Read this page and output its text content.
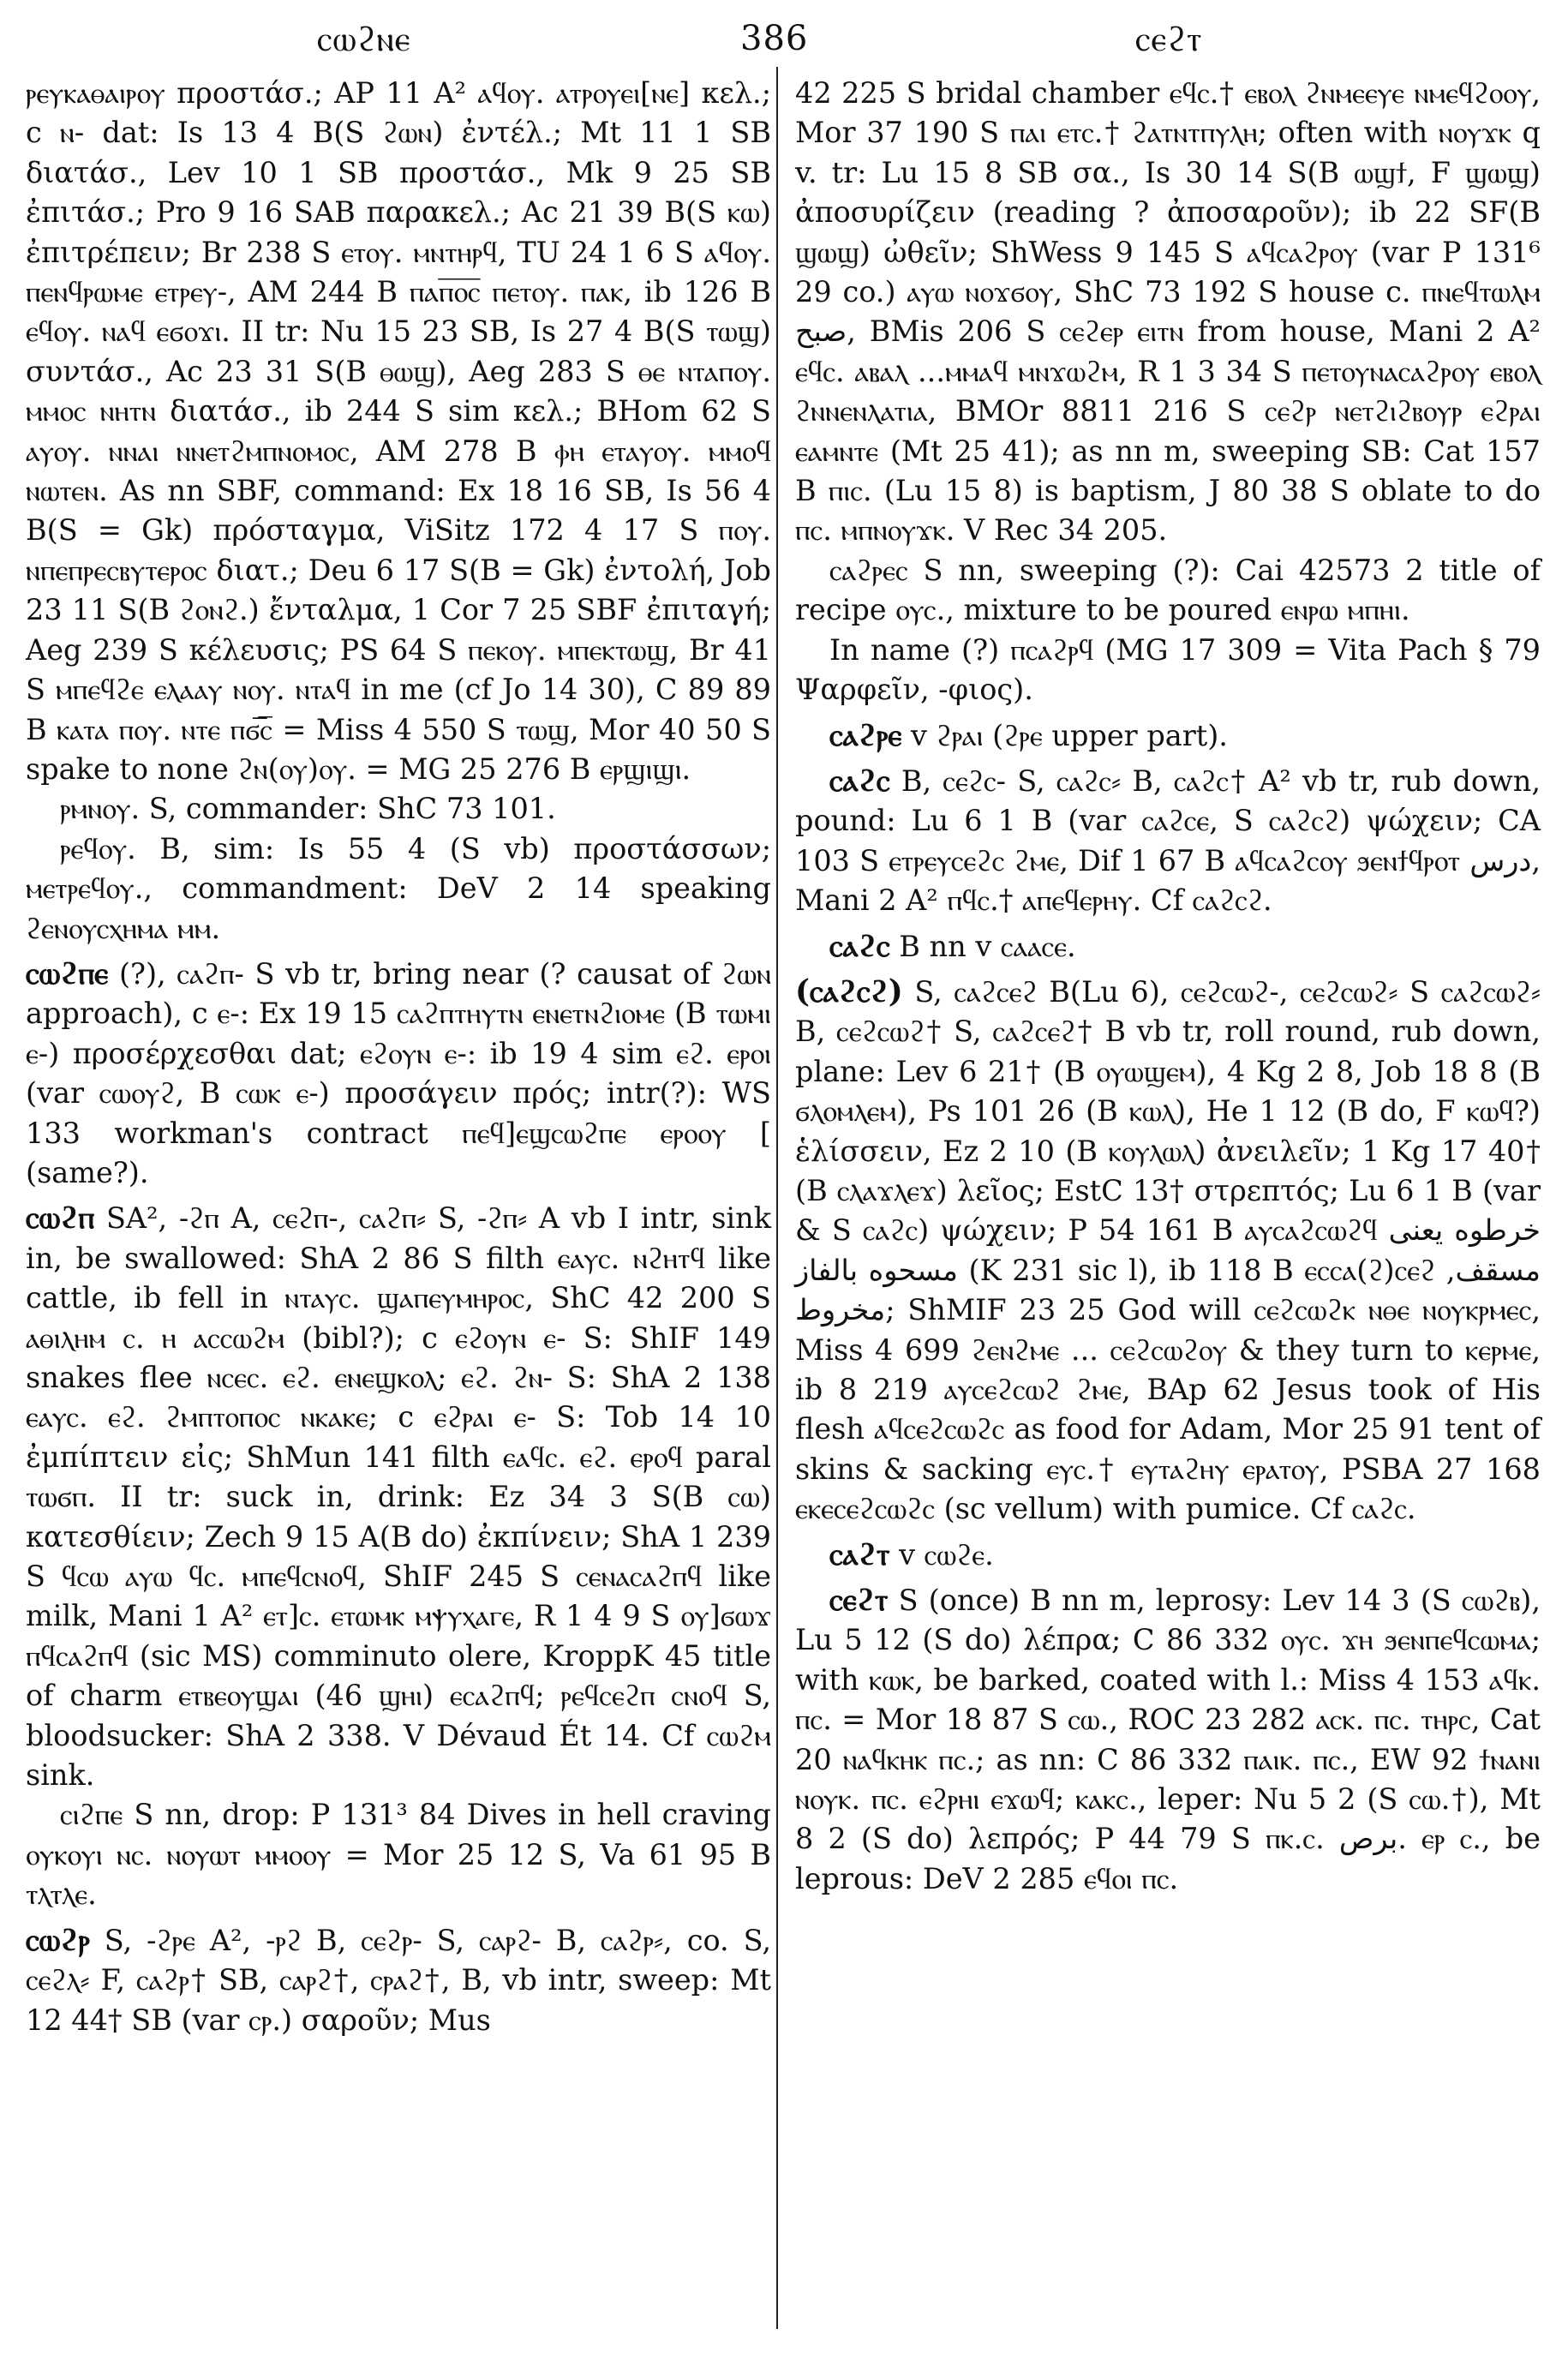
ⲥⲱϩⲛⲉ	386	ⲥⲉϩⲧ

ⲣⲉⲩⲕⲁⲑⲁⲓⲣⲟⲩ προστάσ.; AP 11 A² ⲁϥⲟⲩ. ⲁⲧⲣⲟⲩⲉⲓ[ⲛⲉ] κελ.; c ⲛ- dat: Is 13 4 B(S ϩⲱⲛ) ἐντέλ.; Mt 11 1 SB διατάσ., Lev 10 1 SB προστάσ., Mk 9 25 SB ἐπιτάσ.; Pro 9 16 SAB παρακελ.; Ac 21 39 B(S ⲕⲱ) ἐπιτρέπειν; Br 238 S ⲉⲧⲟⲩ. ⲙⲛⲧⲏⲣϥ, TU 24 1 6 S ⲁϥⲟⲩ. ⲡⲉⲛϥⲣⲱⲙⲉ ⲉⲧⲣⲉⲩ-, AM 244 B ⲡⲁⲡ̅ⲟ̅ⲥ̅ ⲡⲉⲧⲟⲩ. ⲡⲁⲕ, ib 126 B ⲉϥⲟⲩ. ⲛⲁϥ ⲉϭⲟϫⲓ. II tr: Nu 15 23 SB, Is 27 4 B(S ⲧⲱϣ) συντάσ., Ac 23 31 S(B ⲑⲱϣ), Aeg 283 S ⲑⲉ ⲛⲧⲁⲡⲟⲩ. ⲙⲙⲟⲥ ⲛⲏⲧⲛ διατάσ., ib 244 S sim κελ.; BHom 62 S ⲁⲩⲟⲩ. ⲛⲛⲁⲓ ⲛⲛⲉⲧϩⲙⲡⲛⲟⲙⲟⲥ, AM 278 B ⲫⲏ ⲉⲧⲁⲩⲟⲩ. ⲙⲙⲟϥ ⲛⲱⲧⲉⲛ. As nn SBF, command: Ex 18 16 SB, Is 56 4 B(S = Gk) πρόσταγμα, ViSitz 172 4 17 S ⲡⲟⲩ. ⲛⲡⲉⲡⲣⲉⲥⲃⲩⲧⲉⲣⲟⲥ διατ.; Deu 6 17 S(B = Gk) ἐντολή, Job 23 11 S(B ϩⲟⲛϩ.) ἔνταλμα, 1 Cor 7 25 SBF ἐπιταγή; Aeg 239 S κέλευσις; PS 64 S ⲡⲉⲕⲟⲩ. ⲙⲡⲉⲕⲧⲱϣ, Br 41 S ⲙⲡⲉϥϩⲉ ⲉⲗⲁⲁⲩ ⲛⲟⲩ. ⲛⲧⲁϥ in me (cf Jo 14 30), C 89 89 B ⲕⲁⲧⲁ ⲡⲟⲩ. ⲛⲧⲉ ⲡϭ̅ⲥ̅ = Miss 4 550 S ⲧⲱϣ, Mor 40 50 S spake to none ϩⲛ(ⲟⲩ)ⲟⲩ. = MG 25 276 B ⲉⲣϣⲓϣⲓ.

ⲣⲙⲛⲟⲩ. S, commander: ShC 73 101.

ⲣⲉϥⲟⲩ. B, sim: Is 55 4 (S vb) προστάσσων; ⲙⲉⲧⲣⲉϥⲟⲩ., commandment: DeV 2 14 speaking ϩⲉⲛⲟⲩⲥⲭⲏⲙⲁ ⲙⲙ.

ⲥⲱϩⲡⲉ (?), ⲥⲁϩⲡ- S vb tr, bring near (? causat of ϩⲱⲛ approach), c ⲉ-: Ex 19 15 ⲥⲁϩⲡⲧⲏⲩⲧⲛ ⲉⲛⲉⲧⲛϩⲓⲟⲙⲉ (B ⲧⲱⲙⲓ ⲉ-) προσέρχεσθαι dat; ⲉϩⲟⲩⲛ ⲉ-: ib 19 4 sim ⲉϩ. ⲉⲣⲟⲓ (var ⲥⲱⲟⲩϩ, B ⲥⲱⲕ ⲉ-) προσάγειν πρός; intr(?): WS 133 workman's contract ⲡⲉϥ]ⲉϣⲥⲱϩⲡⲉ ⲉⲣⲟⲟⲩ [ (same?).

ⲥⲱϩⲡ SA², -ϩⲡ A, ⲥⲉϩⲡ-, ⲥⲁϩⲡ⸗ S, -ϩⲡ⸗ A vb I intr, sink in, be swallowed: ShA 2 86 S filth ⲉⲁⲩⲥ. ⲛϩⲏⲧϥ like cattle, ib fell in ⲛⲧⲁⲩⲥ. ϣⲁⲡⲉⲩⲙⲏⲣⲟⲥ, ShC 42 200 S ⲁⲑⲓⲗⲏⲙ ⲥ. ⲏ ⲁⲥⲥⲱϩⲙ (bibl?); c ⲉϩⲟⲩⲛ ⲉ- S: ShIF 149 snakes flee ⲛⲥⲉⲥ. ⲉϩ. ⲉⲛⲉϣⲕⲟⲗ; ⲉϩ. ϩⲛ- S: ShA 2 138 ⲉⲁⲩⲥ. ⲉϩ. ϩⲙⲡⲧⲟⲡⲟⲥ ⲛⲕⲁⲕⲉ; c ⲉϩⲣⲁⲓ ⲉ- S: Tob 14 10 ἐμπίπτειν εἰς; ShMun 141 filth ⲉⲁϥⲥ. ⲉϩ. ⲉⲣⲟϥ paral ⲧⲱϭⲡ. II tr: suck in, drink: Ez 34 3 S(B ⲥⲱ) κατεσθίειν; Zech 9 15 A(B do) ἐκπίνειν; ShA 1 239 S ϥⲥⲱ ⲁⲩⲱ ϥⲥ. ⲙⲡⲉϥⲥⲛⲟϥ, ShIF 245 S ⲥⲉⲛⲁⲥⲁϩⲡϥ like milk, Mani 1 A² ⲉⲧ]ⲥ. ⲉⲧⲱⲙⲕ ⲙⲯⲩⲭⲁⲅⲉ, R 1 4 9 S ⲟⲩ]ϭⲱϫ ⲡϥⲥⲁϩⲡϥ (sic MS) comminuto olere, KroppK 45 title of charm ⲉⲧⲃⲉⲟⲩϣⲁⲓ (46 ϣⲏⲓ) ⲉⲥⲁϩⲡϥ; ⲣⲉϥⲥⲉϩⲡ ⲥⲛⲟϥ S, bloodsucker: ShA 2 338. V Dévaud Ét 14. Cf ⲥⲱϩⲙ sink.

ⲥⲓϩⲡⲉ S nn, drop: P 131³ 84 Dives in hell craving ⲟⲩⲕⲟⲩⲓ ⲛⲥ. ⲛⲟⲩⲱⲧ ⲙⲙⲟⲟⲩ = Mor 25 12 S, Va 61 95 B ⲧⲗⲧⲗⲉ.

ⲥⲱϩⲣ S, -ϩⲣⲉ A², -ⲣϩ B, ⲥⲉϩⲣ- S, ⲥⲁⲣϩ- B, ⲥⲁϩⲣ⸗, co. S, ⲥⲉϩⲗ⸗ F, ⲥⲁϩⲣ† SB, ⲥⲁⲣϩ†, ⲥⲣⲁϩ†, B, vb intr, sweep: Mt 12 44† SB (var ⲥⲣ.) σαροῦν; Mus

42 225 S bridal chamber ⲉϥⲥ.† ⲉⲃⲟⲗ ϩⲛⲙⲉⲉⲩⲉ ⲛⲙⲉϥϩⲟⲟⲩ, Mor 37 190 S ⲡⲁⲓ ⲉⲧⲥ.† ϩⲁⲧⲛⲧⲡⲩⲗⲏ; often with ⲛⲟⲩϫⲕ q v. tr: Lu 15 8 SB σα., Is 30 14 S(B ⲱϣϯ, F ϣⲱϣ) ἀποσυρίζειν (reading ? ἀποσαροῦν); ib 22 SF(B ϣⲱϣ) ὠθεῖν; ShWess 9 145 S ⲁϥⲥⲁϩⲣⲟⲩ (var P 131⁶ 29 co.) ⲁⲩⲱ ⲛⲟϫϭⲟⲩ, ShC 73 192 S house c. ⲡⲛⲉϥⲧⲱⲗⲙ صبح, BMis 206 S ⲥⲉϩⲉⲣ ⲉⲓⲧⲛ from house, Mani 2 A² ⲉϥⲥ. ⲁⲃⲁⲗ ...ⲙⲙⲁϥ ⲙⲛϫⲱϩⲙ, R 1 3 34 S ⲡⲉⲧⲟⲩⲛⲁⲥⲁϩⲣⲟⲩ ⲉⲃⲟⲗ ϩⲛⲛⲉⲛⲗⲁⲧⲓⲁ, BMOr 8811 216 S ⲥⲉϩⲣ ⲛⲉⲧϩⲓϩⲃⲟⲩⲣ ⲉϩⲣⲁⲓ ⲉⲁⲙⲛⲧⲉ (Mt 25 41); as nn m, sweeping SB: Cat 157 B ⲡⲓⲥ. (Lu 15 8) is baptism, J 80 38 S oblate to do ⲡⲥ. ⲙⲡⲛⲟⲩϫⲕ. V Rec 34 205.

ⲥⲁϩⲣⲉⲥ S nn, sweeping (?): Cai 42573 2 title of recipe ⲟⲩⲥ., mixture to be poured ⲉⲛⲣⲱ ⲙⲡⲏⲓ.

In name (?) ⲡⲥⲁϩⲣϥ (MG 17 309 = Vita Pach § 79 Ψαρφεῖν, -φιος).

ⲥⲁϩⲣⲉ v ϩⲣⲁⲓ (ϩⲣⲉ upper part).

ⲥⲁϩⲥ B, ⲥⲉϩⲥ- S, ⲥⲁϩⲥ⸗ B, ⲥⲁϩⲥ† A² vb tr, rub down, pound: Lu 6 1 B (var ⲥⲁϩⲥⲉ, S ⲥⲁϩⲥϩ) ψώχειν; CA 103 S ⲉⲧⲣⲉⲩⲥⲉϩⲥ ϩⲙⲉ, Dif 1 67 B ⲁϥⲥⲁϩⲥⲟⲩ ϧⲉⲛϯϥⲣⲟⲧ درس, Mani 2 A² ⲡϥⲥ.† ⲁⲡⲉϥⲉⲣⲏⲩ. Cf ⲥⲁϩⲥϩ.

ⲥⲁϩⲥ B nn v ⲥⲁⲁⲥⲉ.

(ⲥⲁϩⲥϩ) S, ⲥⲁϩⲥⲉϩ B(Lu 6), ⲥⲉϩⲥⲱϩ-, ⲥⲉϩⲥⲱϩ⸗ S ⲥⲁϩⲥⲱϩ⸗ B, ⲥⲉϩⲥⲱϩ† S, ⲥⲁϩⲥⲉϩ† B vb tr, roll round, rub down, plane: Lev 6 21† (B ⲟⲩⲱϣⲉⲙ), 4 Kg 2 8, Job 18 8 (B ϭⲗⲟⲙⲗⲉⲙ), Ps 101 26 (B ⲕⲱⲗ), He 1 12 (B do, F ⲕⲱϥ?) ἑλίσσειν, Ez 2 10 (B ⲕⲟⲩⲗⲱⲗ) ἀνειλεῖν; 1 Kg 17 40† (B ⲥⲗⲁϫⲗⲉϫ) λεῖος; EstC 13† στρεπτός; Lu 6 1 B (var & S ⲥⲁϩⲥ) ψώχειν; P 54 161 B ⲁⲩⲥⲁϩⲥⲱϩϥ خرطوه يعنى مسحوه بالفاز (K 231 sic l), ib 118 B ⲉⲥⲥⲁ(ϩ)ⲥⲉϩ مسقف, مخروط; ShMIF 23 25 God will ⲥⲉϩⲥⲱϩⲕ ⲛⲑⲉ ⲛⲟⲩⲕⲣⲙⲉⲥ, Miss 4 699 ϩⲉⲛϩⲙⲉ ... ⲥⲉϩⲥⲱϩⲟⲩ & they turn to ⲕⲉⲣⲙⲉ, ib 8 219 ⲁⲩⲥⲉϩⲥⲱϩ ϩⲙⲉ, BAp 62 Jesus took of His flesh ⲁϥⲥⲉϩⲥⲱϩⲥ as food for Adam, Mor 25 91 tent of skins & sacking ⲉⲩⲥ.† ⲉⲩⲧⲁϩⲏⲩ ⲉⲣⲁⲧⲟⲩ, PSBA 27 168 ⲉⲕⲉⲥⲉϩⲥⲱϩⲥ (sc vellum) with pumice. Cf ⲥⲁϩⲥ.

ⲥⲁϩⲧ v ⲥⲱϩⲉ.

ⲥⲉϩⲧ S (once) B nn m, leprosy: Lev 14 3 (S ⲥⲱϩⲃ), Lu 5 12 (S do) λέπρα; C 86 332 ⲟⲩⲥ. ϫⲏ ϧⲉⲛⲡⲉϥⲥⲱⲙⲁ; with ⲕⲱⲕ, be barked, coated with l.: Miss 4 153 ⲁϥⲕ. ⲡⲥ. = Mor 18 87 S ⲥⲱ., ROC 23 282 ⲁⲥⲕ. ⲡⲥ. ⲧⲏⲣⲥ, Cat 20 ⲛⲁϥⲕⲏⲕ ⲡⲥ.; as nn: C 86 332 ⲡⲁⲓⲕ. ⲡⲥ., EW 92 ϯⲛⲁⲛⲓ ⲛⲟⲩⲕ. ⲡⲥ. ⲉϩⲣⲏⲓ ⲉϫⲱϥ; ⲕⲁⲕⲥ., leper: Nu 5 2 (S ⲥⲱ.†), Mt 8 2 (S do) λεπρός; P 44 79 S ⲡⲕ.ⲥ. برص. ⲉⲣ ⲥ., be leprous: DeV 2 285 ⲉϥⲟⲓ ⲡⲥ.
